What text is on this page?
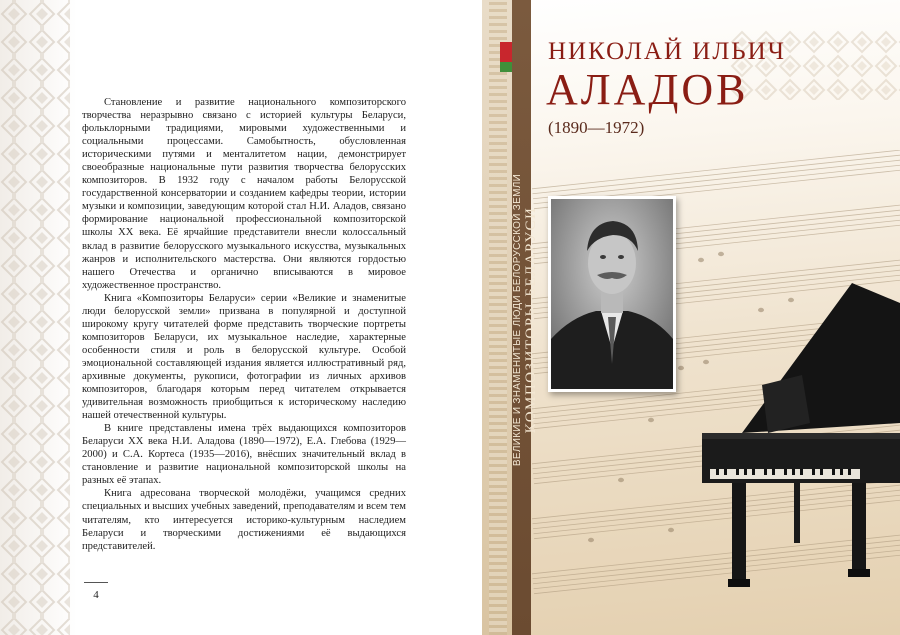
Становление и развитие национального композиторского творчества неразрывно связано с историей культуры Беларуси, фольклорными традициями, мировыми художественными и социальными процессами. Самобытность, обусловленная историческими путями и менталитетом нации, демонстрирует своеобразные национальные пути развития творчества белорусских композиторов. В 1932 году с началом работы Белорусской государственной консерватории и созданием кафедры теории, истории музыки и композиции, заведующим которой стал Н.И. Аладов, связано формирование национальной профессиональной композиторской школы XX века. Её ярчайшие представители внесли колоссальный вклад в развитие белорусского музыкального искусства, музыкальных жанров и исполнительского мастерства. Они являются гордостью нашего Отечества и органично вписываются в мировое художественное пространство.

Книга «Композиторы Беларуси» серии «Великие и знаменитые люди белорусской земли» призвана в популярной и доступной широкому кругу читателей форме представить творческие портреты композиторов Беларуси, их музыкальное наследие, характерные особенности стиля и роль в белорусской культуре. Особой эмоциональной составляющей издания является иллюстративный ряд, архивные документы, рукописи, фотографии из личных архивов композиторов, благодаря которым перед читателем открывается удивительная возможность приобщиться к историческому наследию нашей отечественной культуры.

В книге представлены имена трёх выдающихся композиторов Беларуси XX века Н.И. Аладова (1890—1972), Е.А. Глебова (1929—2000) и С.А. Кортеса (1935—2016), внёсших значительный вклад в становление и развитие национальной композиторской школы на разных её этапах.

Книга адресована творческой молодёжи, учащимся средних специальных и высших учебных заведений, преподавателям и всем тем читателям, кто интересуется историко-культурным наследием Беларуси и творческими достижениями её выдающихся представителей.

4
ВЕЛИКИЕ И ЗНАМЕНИТЫЕ ЛЮДИ БЕЛОРУССКОЙ ЗЕМЛИ КОМПОЗИТОРЫ БЕЛАРУСИ
НИКОЛАЙ ИЛЬИЧ
АЛАДОВ
(1890—1972)
